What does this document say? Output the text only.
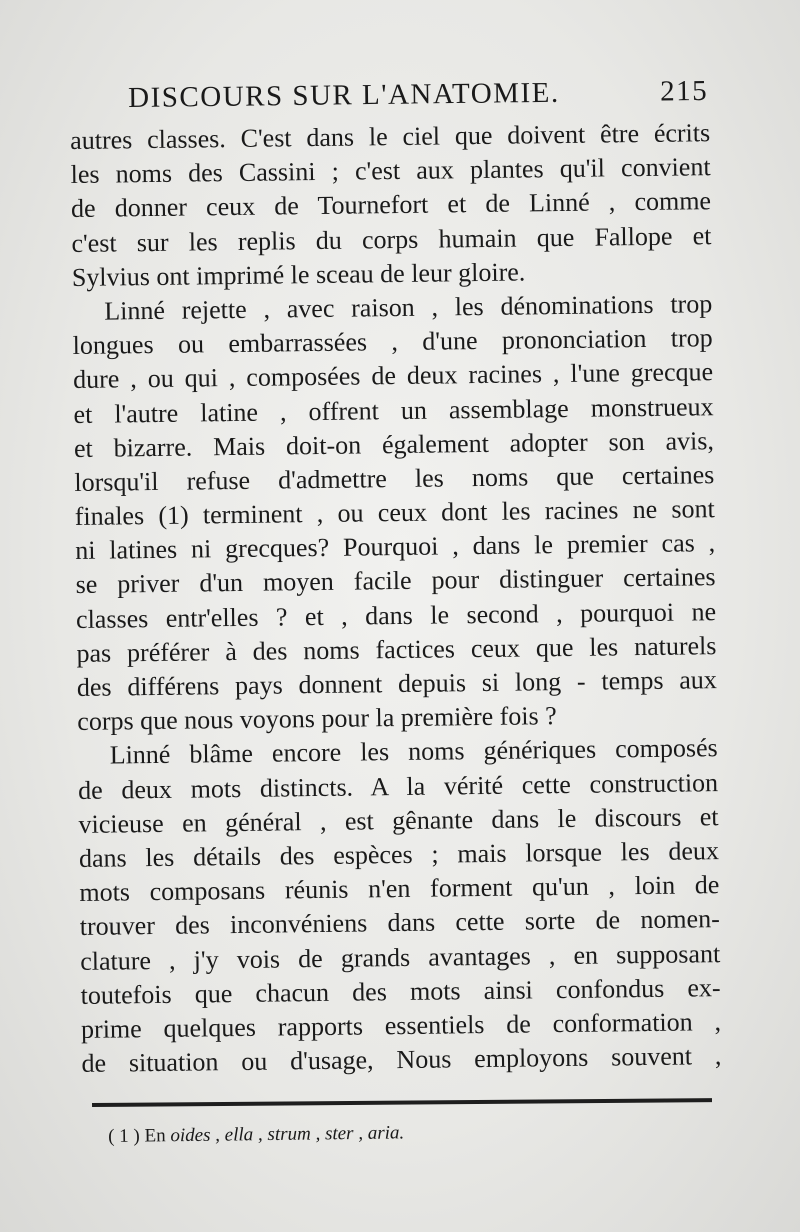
DISCOURS SUR L'ANATOMIE.	215
autres classes. C'est dans le ciel que doivent être écrits
les noms des Cassini ; c'est aux plantes qu'il convient
de donner ceux de Tournefort et de Linné , comme
c'est sur les replis du corps humain que Fallope et
Sylvius ont imprimé le sceau de leur gloire.
Linné rejette , avec raison , les dénominations trop
longues ou embarrassées , d'une prononciation trop
dure , ou qui , composées de deux racines , l'une grecque
et l'autre latine , offrent un assemblage monstrueux
et bizarre. Mais doit-on également adopter son avis,
lorsqu'il refuse d'admettre les noms que certaines
finales (1) terminent , ou ceux dont les racines ne sont
ni latines ni grecques? Pourquoi , dans le premier cas ,
se priver d'un moyen facile pour distinguer certaines
classes entr'elles ? et , dans le second , pourquoi ne
pas préférer à des noms factices ceux que les naturels
des différens pays donnent depuis si long - temps aux
corps que nous voyons pour la première fois ?
Linné blâme encore les noms génériques composés
de deux mots distincts. A la vérité cette construction
vicieuse en général , est gênante dans le discours et
dans les détails des espèces ; mais lorsque les deux
mots composans réunis n'en forment qu'un , loin de
trouver des inconvéniens dans cette sorte de nomen-
clature , j'y vois de grands avantages , en supposant
toutefois que chacun des mots ainsi confondus ex-
prime quelques rapports essentiels de conformation ,
de situation ou d'usage, Nous employons souvent ,
( 1 ) En oides , ella , strum , ster , aria.
